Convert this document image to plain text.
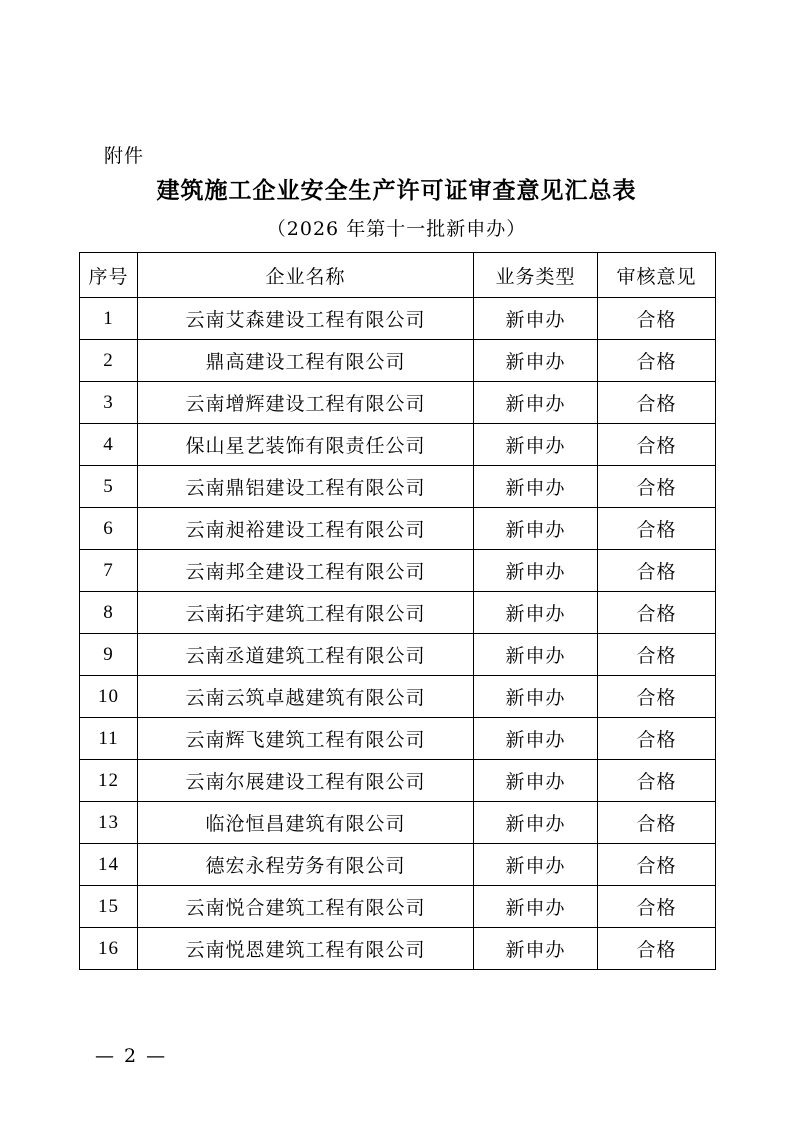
附件
建筑施工企业安全生产许可证审查意见汇总表
（2026 年第十一批新申办）
序号	企业名称	业务类型	审核意见
1	云南艾森建设工程有限公司	新申办	合格
2	鼎高建设工程有限公司	新申办	合格
3	云南增辉建设工程有限公司	新申办	合格
4	保山星艺装饰有限责任公司	新申办	合格
5	云南鼎铝建设工程有限公司	新申办	合格
6	云南昶裕建设工程有限公司	新申办	合格
7	云南邦全建设工程有限公司	新申办	合格
8	云南拓宇建筑工程有限公司	新申办	合格
9	云南丞道建筑工程有限公司	新申办	合格
10	云南云筑卓越建筑有限公司	新申办	合格
11	云南辉飞建筑工程有限公司	新申办	合格
12	云南尔展建设工程有限公司	新申办	合格
13	临沧恒昌建筑有限公司	新申办	合格
14	德宏永程劳务有限公司	新申办	合格
15	云南悦合建筑工程有限公司	新申办	合格
16	云南悦恩建筑工程有限公司	新申办	合格
— 2 —
